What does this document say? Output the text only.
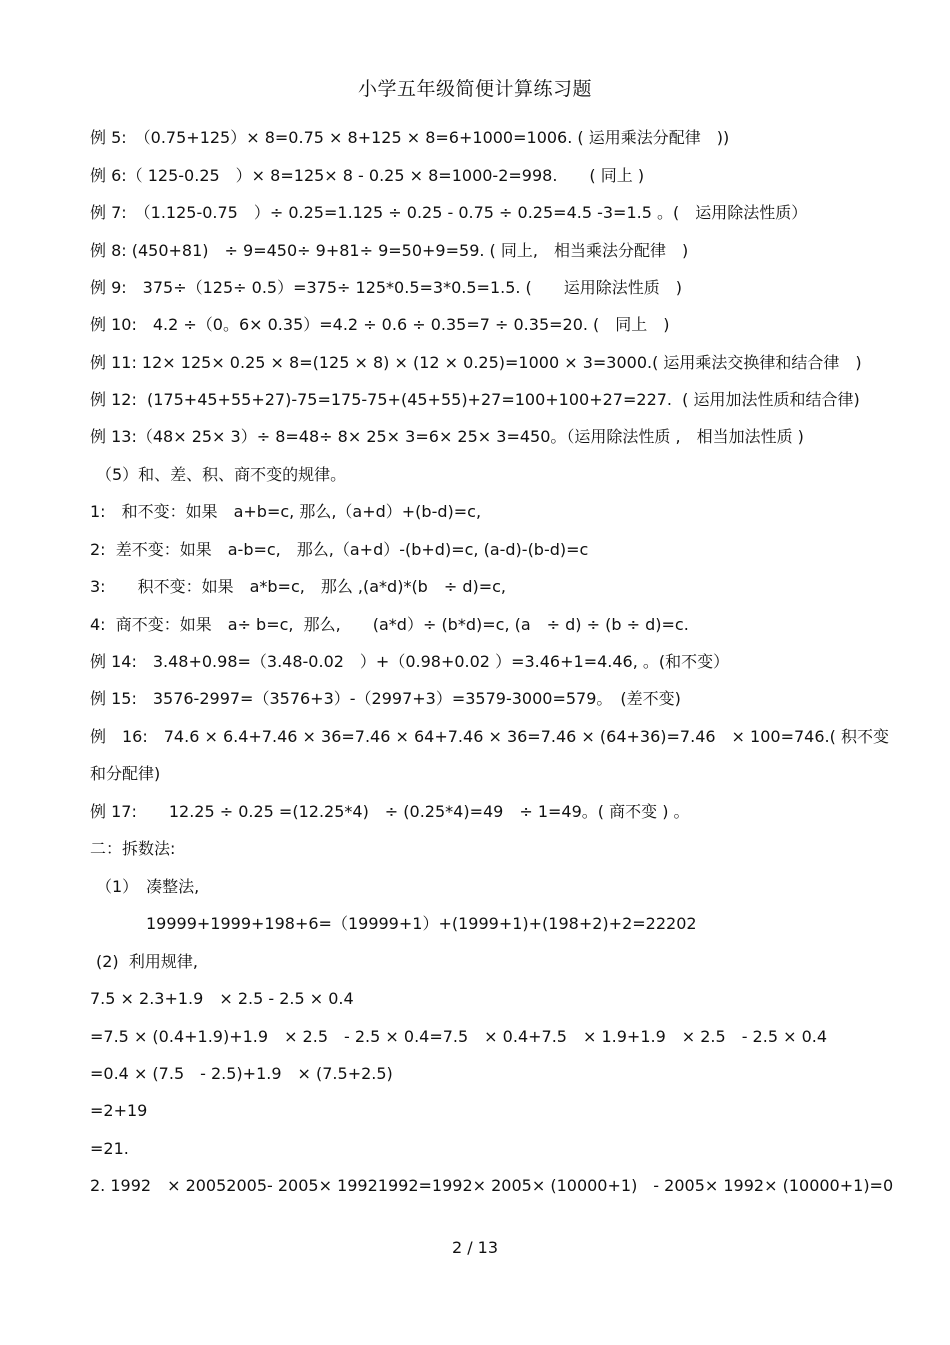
小学五年级简便计算练习题
例 5:　（0.75+125）× 8=0.75 × 8+125 × 8=6+1000=1006. ( 运用乘法分配律　))
例 6:（ 125-0.25　）× 8=125× 8 - 0.25 × 8=1000-2=998.　　( 同上 )
例 7:　（1.125-0.75　）÷ 0.25=1.125 ÷ 0.25 - 0.75 ÷ 0.25=4.5 -3=1.5 。(　运用除法性质）
例 8: (450+81)　÷ 9=450÷ 9+81÷ 9=50+9=59. ( 同上,　相当乘法分配律　)
例 9:　375÷（125÷ 0.5）=375÷ 125*0.5=3*0.5=1.5. (　　运用除法性质　)
例 10:　4.2 ÷（0。6× 0.35）=4.2 ÷ 0.6 ÷ 0.35=7 ÷ 0.35=20. (　同上　)
例 11: 12× 125× 0.25 × 8=(125 × 8) × (12 × 0.25)=1000 × 3=3000.( 运用乘法交换律和结合律　)
例 12:  (175+45+55+27)-75=175-75+(45+55)+27=100+100+27=227.  ( 运用加法性质和结合律)
例 13:（48× 25× 3）÷ 8=48÷ 8× 25× 3=6× 25× 3=450。（运用除法性质 ,　相当加法性质 )
（5）和、差、积、商不变的规律。
1:　和不变：如果　a+b=c, 那么,（a+d）+(b-d)=c,
2:  差不变：如果　a-b=c,　那么,（a+d）-(b+d)=c, (a-d)-(b-d)=c
3:　　积不变：如果　a*b=c,　那么 ,(a*d)*(b　÷ d)=c,
4:  商不变：如果　a÷ b=c,  那么,　　(a*d）÷ (b*d)=c, (a　÷ d) ÷ (b ÷ d)=c.
例 14:　3.48+0.98=（3.48-0.02　）+（0.98+0.02 ）=3.46+1=4.46, 。(和不变）
例 15:　3576-2997=（3576+3）-（2997+3）=3579-3000=579。　(差不变)
例　16:　74.6 × 6.4+7.46 × 36=7.46 × 64+7.46 × 36=7.46 × (64+36)=7.46　× 100=746.( 积不变
和分配律)
例 17:　　12.25 ÷ 0.25 =(12.25*4)　÷ (0.25*4)=49　÷ 1=49。( 商不变 ) 。
二：拆数法:
（1）　凑整法,
19999+1999+198+6=（19999+1）+(1999+1)+(198+2)+2=22202
(2)  利用规律,
7.5 × 2.3+1.9　× 2.5 - 2.5 × 0.4
=7.5 × (0.4+1.9)+1.9　× 2.5　- 2.5 × 0.4=7.5　× 0.4+7.5　× 1.9+1.9　× 2.5　- 2.5 × 0.4
=0.4 × (7.5　- 2.5)+1.9　× (7.5+2.5)
=2+19
=21.
2. 1992　× 20052005- 2005× 19921992=1992× 2005× (10000+1)　- 2005× 1992× (10000+1)=0
2 / 13
